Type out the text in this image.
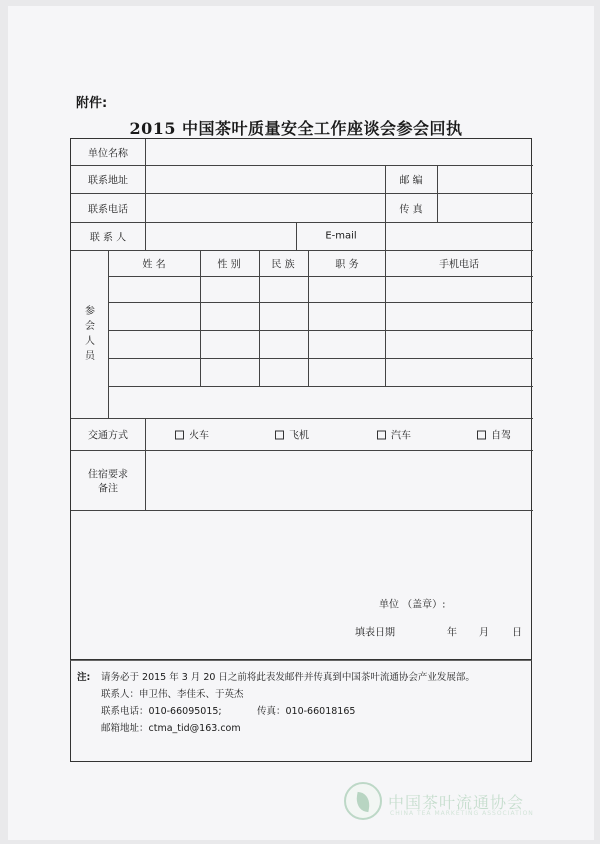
附件:
2015 中国茶叶质量安全工作座谈会参会回执
单位名称
联系地址	邮 编
联系电话	传 真
联 系 人	E-mail
参
会
人
员
姓 名	性 别	民 族	职 务	手机电话
交通方式	火车	飞机	汽车	自驾
住宿要求
备注
单位 （盖章）:
填表日期	年 月 日
注: 请务必于 2015 年 3 月 20 日之前将此表发邮件并传真到中国茶叶流通协会产业发展部。
联系人：申卫伟、李佳禾、于英杰
联系电话：010-66095015;	传真：010-66018165
邮箱地址：ctma_tid@163.com
中国茶叶流通协会
CHINA TEA MARKETING ASSOCIATION
